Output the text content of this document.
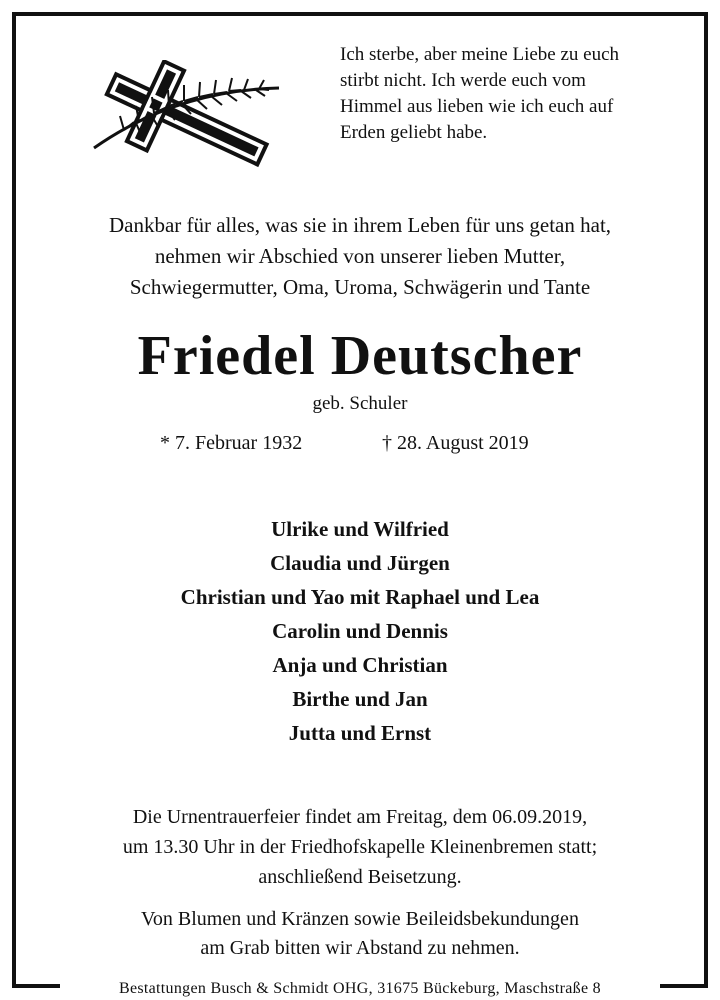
Ich sterbe, aber meine Liebe zu euch
stirbt nicht. Ich werde euch vom
Himmel aus lieben wie ich euch auf
Erden geliebt habe.
Dankbar für alles, was sie in ihrem Leben für uns getan hat,
nehmen wir Abschied von unserer lieben Mutter,
Schwiegermutter, Oma, Uroma, Schwägerin und Tante
Friedel Deutscher
geb. Schuler
* 7. Februar 1932	† 28. August 2019
Ulrike und Wilfried
Claudia und Jürgen
Christian und Yao mit Raphael und Lea
Carolin und Dennis
Anja und Christian
Birthe und Jan
Jutta und Ernst
Die Urnentrauerfeier findet am Freitag, dem 06.09.2019,
um 13.30 Uhr in der Friedhofskapelle Kleinenbremen statt;
anschließend Beisetzung.
Von Blumen und Kränzen sowie Beileidsbekundungen
am Grab bitten wir Abstand zu nehmen.
Bestattungen Busch & Schmidt OHG, 31675 Bückeburg, Maschstraße 8
